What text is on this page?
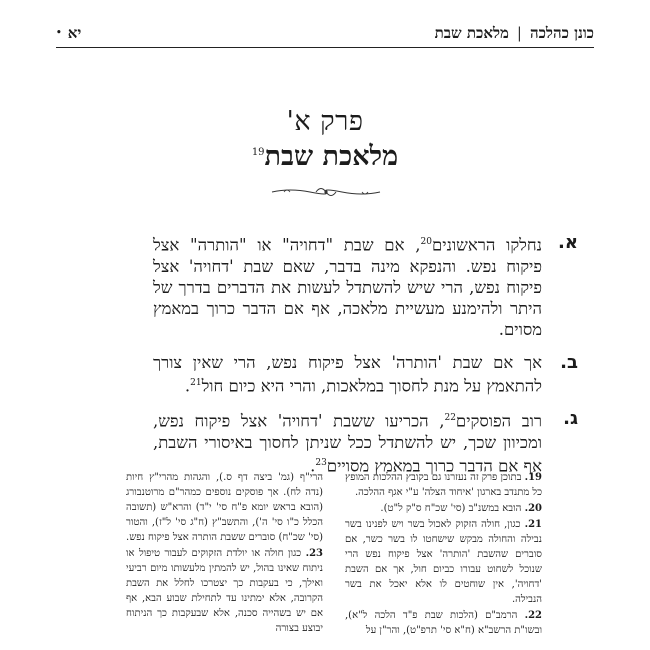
כונן כהלכה
|
מלאכת שבת
יא
•
פרק א'
מלאכת שבת$^{19}$
א.
נחלקו הראשונים$^{20}$, אם שבת "דחויה" או "הותרה" אצל פיקוח נפש. והנפקא מינה בדבר, שאם שבת 'דחויה' אצל פיקוח נפש, הרי שיש להשתדל לעשות את הדברים בדרך של היתר ולהימנע מעשיית מלאכה, אף אם הדבר כרוך במאמץ מסוים.
ב.
אך אם שבת 'הותרה' אצל פיקוח נפש, הרי שאין צורך להתאמץ על מנת לחסוך במלאכות, והרי היא כיום חול$^{21}$.
ג.
רוב הפוסקים$^{22}$, הכריעו ששבת 'דחויה' אצל פיקוח נפש, ומכיוון שכך, יש להשתדל ככל שניתן לחסוך באיסורי השבת, אף אם הדבר כרוך במאמץ מסויים$^{23}$.

19. בתוכן פרק זה נעזרנו גם בקובץ ההלכות המופץ כל מתנדב בארגון 'איחוד הצלה' ע"י אגף ההלכה.

20. הובא במשנ"ב (סי' שכ"ח ס"ק ל"ט).

21. כגון, חולה הזקוק לאכול בשר ויש לפנינו בשר נבילה והחולה מבקש שישחטו לו בשר כשר, אם סוברים שהשבת 'הותרה' אצל פיקוח נפש הרי שנוכל לשחוט עבורו כביום חול, אך אם השבת 'דחויה', אין שוחטים לו אלא יאכל את בשר הנבילה.

22. הרמב"ם (הלכות שבת פ"ד הלכה ל"א), ובשו"ת הרשב"א (ח"א סי' תרפ"ט), והר"ן על

הרי"ף (גמ' ביצה דף ס.), והגהות מהרי"ץ חיות (נדה לח). אך פוסקים נוספים כמהר"ם מרוטנבורג (הובא בראש יומא פ"ח סי' י"ד) והרא"ש (תשובה הכלל כ"ו סי' ה'), והתשב"ץ (ח"ג סי' ל"ז), והטור (סי' שכ"ח) סוברים ששבת הותרה אצל פיקוח נפש.

23. כגון חולה או יולדת הזקוקים לעבור טיפול או ניתוח שאינו בהול, יש להמתין מלעשותו מיום רביעי ואילך, כי בעקבות כך יצטרכו לחלל את השבת הקרובה, אלא ימתינו עד לתחילת שבוע הבא, אף אם יש בשהייה סכנה, אלא שבעקבות כך הניתוח יבוצע בצורה
